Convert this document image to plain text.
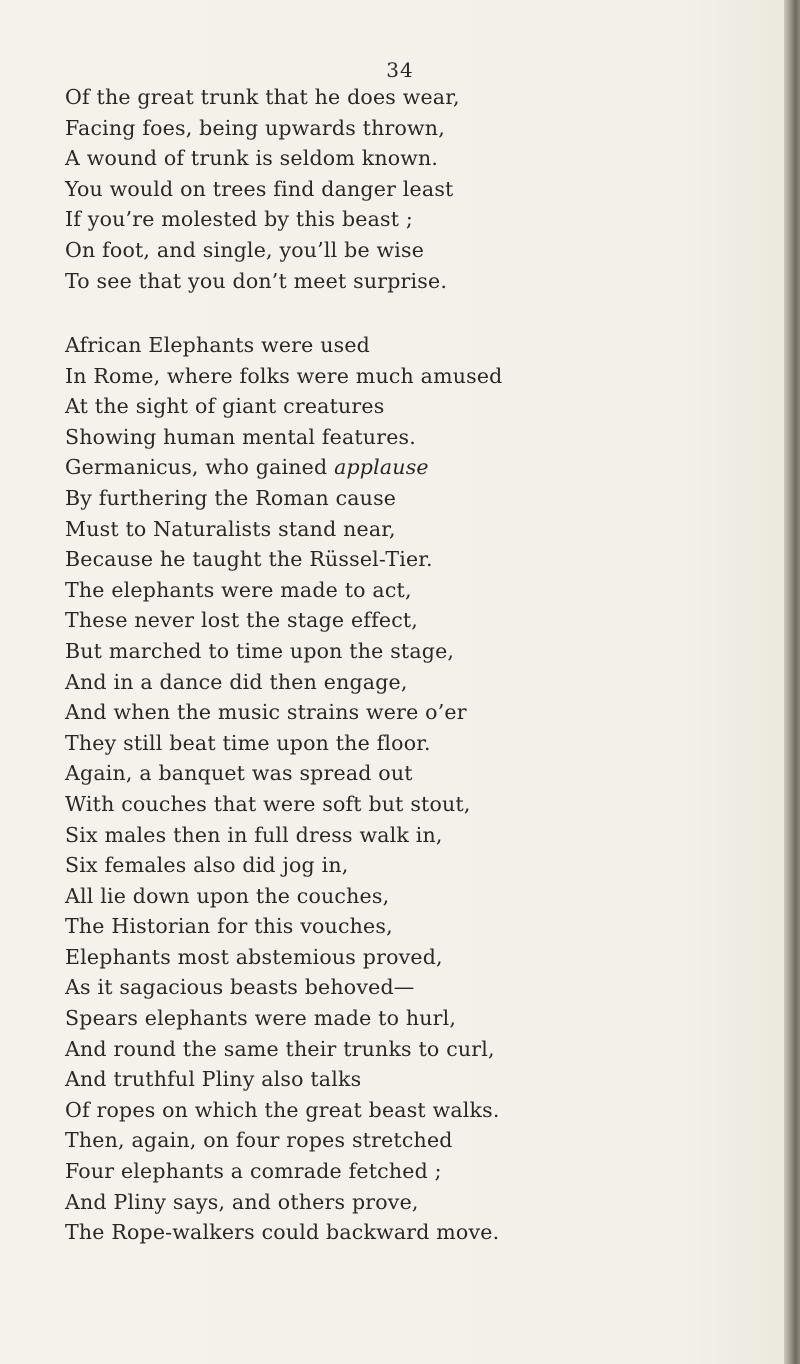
34
Of the great trunk that he does wear,
Facing foes, being upwards thrown,
A wound of trunk is seldom known.
You would on trees find danger least
If you’re molested by this beast ;
On foot, and single, you’ll be wise
To see that you don’t meet surprise.
African Elephants were used
In Rome, where folks were much amused
At the sight of giant creatures
Showing human mental features.
Germanicus, who gained applause
By furthering the Roman cause
Must to Naturalists stand near,
Because he taught the Rüssel-Tier.
The elephants were made to act,
These never lost the stage effect,
But marched to time upon the stage,
And in a dance did then engage,
And when the music strains were o’er
They still beat time upon the floor.
Again, a banquet was spread out
With couches that were soft but stout,
Six males then in full dress walk in,
Six females also did jog in,
All lie down upon the couches,
The Historian for this vouches,
Elephants most abstemious proved,
As it sagacious beasts behoved—
Spears elephants were made to hurl,
And round the same their trunks to curl,
And truthful Pliny also talks
Of ropes on which the great beast walks.
Then, again, on four ropes stretched
Four elephants a comrade fetched ;
And Pliny says, and others prove,
The Rope-walkers could backward move.
